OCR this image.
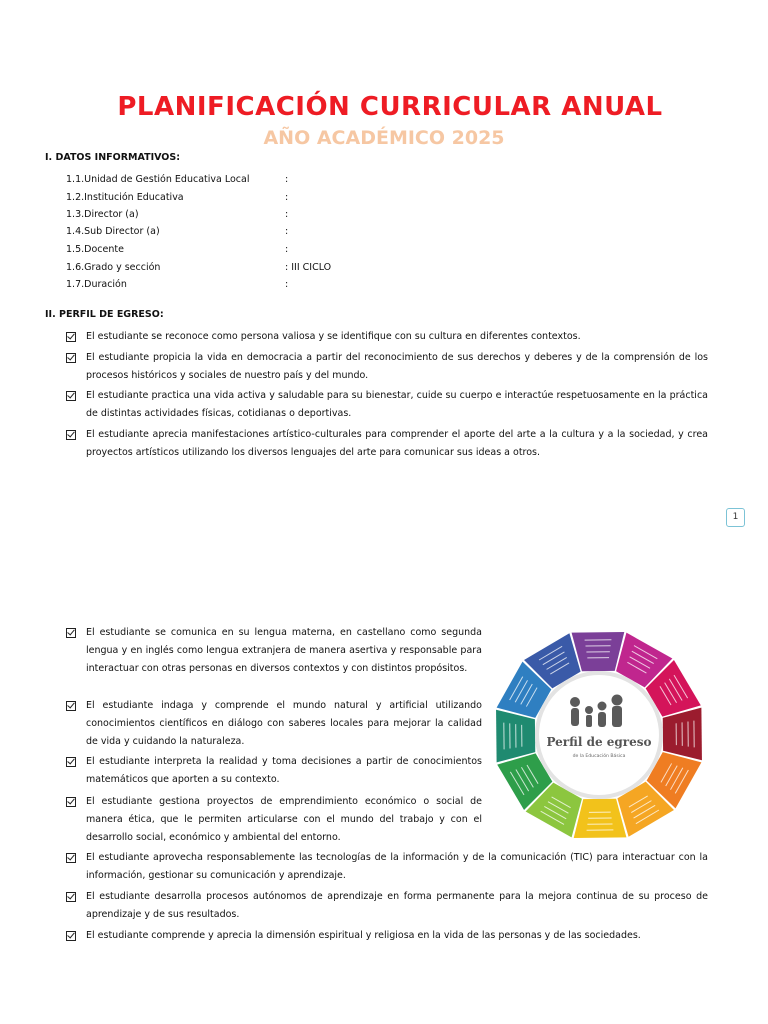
PLANIFICACIÓN CURRICULAR ANUAL
AÑO ACADÉMICO 2025
I. DATOS INFORMATIVOS:
1.1.Unidad de Gestión Educativa Local	:
1.2.Institución Educativa	:
1.3.Director (a)	:
1.4.Sub Director (a)	:
1.5.Docente	:
1.6.Grado y sección	: III CICLO
1.7.Duración	:
II. PERFIL DE EGRESO:
El estudiante se reconoce como persona valiosa y se identifique con su cultura en diferentes contextos.
El estudiante propicia la vida en democracia a partir del reconocimiento de sus derechos y deberes y de la comprensión de los procesos históricos y sociales de nuestro país y del mundo.
El estudiante practica una vida activa y saludable para su bienestar, cuide su cuerpo e interactúe respetuosamente en la práctica de distintas actividades físicas, cotidianas o deportivas.
El estudiante aprecia manifestaciones artístico-culturales para comprender el aporte del arte a la cultura y a la sociedad, y crea proyectos artísticos utilizando los diversos lenguajes del arte para comunicar sus ideas a otros.
1
El estudiante se comunica en su lengua materna, en castellano como segunda lengua y en inglés como lengua extranjera de manera asertiva y responsable para interactuar con otras personas en diversos contextos y con distintos propósitos.
El estudiante indaga y comprende el mundo natural y artificial utilizando conocimientos científicos en diálogo con saberes locales para mejorar la calidad de vida y cuidando la naturaleza.
El estudiante interpreta la realidad y toma decisiones a partir de conocimientos matemáticos que aporten a su contexto.
El estudiante gestiona proyectos de emprendimiento económico o social de manera ética, que le permiten articularse con el mundo del trabajo y con el desarrollo social, económico y ambiental del entorno.
El estudiante aprovecha responsablemente las tecnologías de la información y de la comunicación (TIC) para interactuar con la información, gestionar su comunicación y aprendizaje.
El estudiante desarrolla procesos autónomos de aprendizaje en forma permanente para la mejora continua de su proceso de aprendizaje y de sus resultados.
El estudiante comprende y aprecia la dimensión espiritual y religiosa en la vida de las personas y de las sociedades.
Perfil de egreso
de la Educación Básica
